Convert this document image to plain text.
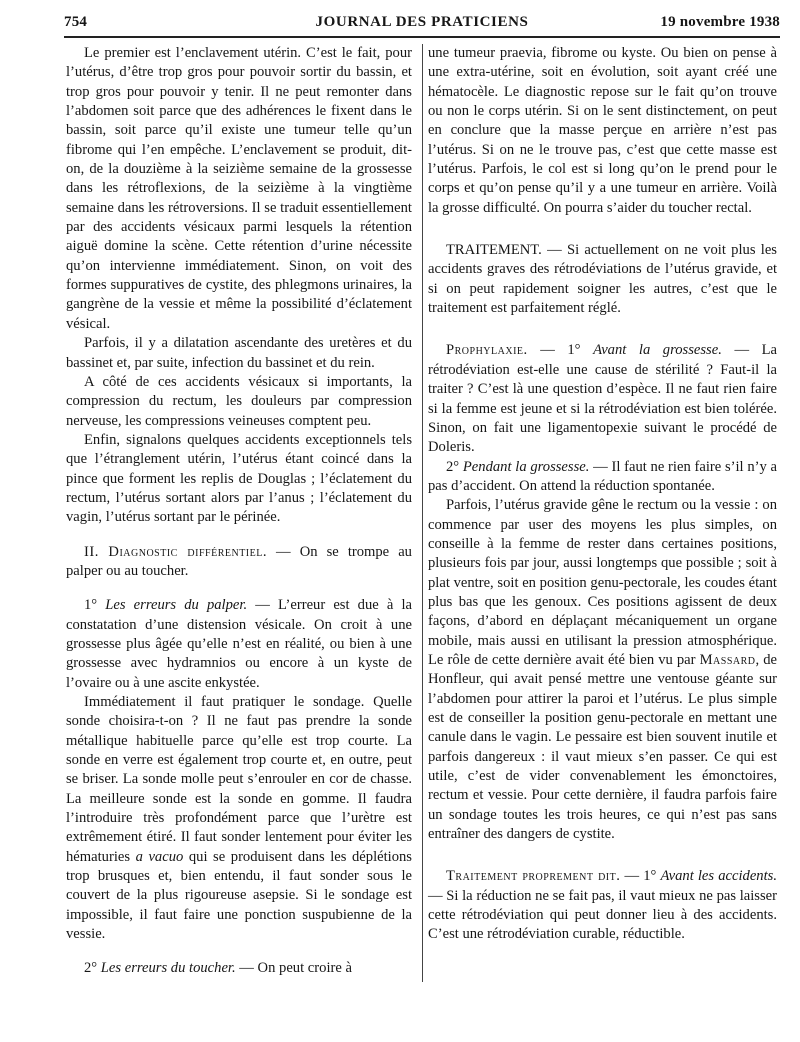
754	JOURNAL DES PRATICIENS	19 novembre 1938

Le premier est l’enclavement utérin. C’est le fait, pour l’utérus, d’être trop gros pour pouvoir sortir du bassin, et trop gros pour pouvoir y tenir. Il ne peut remonter dans l’abdomen soit parce que des adhérences le fixent dans le bassin, soit parce qu’il existe une tumeur telle qu’un fibrome qui l’en empêche. L’enclavement se produit, dit-on, de la douzième à la seizième semaine de la grossesse dans les rétroflexions, de la seizième à la vingtième semaine dans les rétroversions. Il se traduit essentiellement par des accidents vésicaux parmi lesquels la rétention aiguë domine la scène. Cette rétention d’urine nécessite qu’on intervienne immédiatement. Sinon, on voit des formes suppuratives de cystite, des phlegmons urinaires, la gangrène de la vessie et même la possibilité d’éclatement vésical.

Parfois, il y a dilatation ascendante des uretères et du bassinet et, par suite, infection du bassinet et du rein.

A côté de ces accidents vésicaux si importants, la compression du rectum, les douleurs par compression nerveuse, les compressions veineuses comptent peu.

Enfin, signalons quelques accidents exceptionnels tels que l’étranglement utérin, l’utérus étant coincé dans la pince que forment les replis de Douglas ; l’éclatement du rectum, l’utérus sortant alors par l’anus ; l’éclatement du vagin, l’utérus sortant par le périnée.

II. Diagnostic différentiel. — On se trompe au palper ou au toucher.

1° Les erreurs du palper. — L’erreur est due à la constatation d’une distension vésicale. On croit à une grossesse plus âgée qu’elle n’est en réalité, ou bien à une grossesse avec hydramnios ou encore à un kyste de l’ovaire ou à une ascite enkystée.

Immédiatement il faut pratiquer le sondage. Quelle sonde choisira-t-on ? Il ne faut pas prendre la sonde métallique habituelle parce qu’elle est trop courte. La sonde en verre est également trop courte et, en outre, peut se briser. La sonde molle peut s’enrouler en cor de chasse. La meilleure sonde est la sonde en gomme. Il faudra l’introduire très profondément parce que l’urètre est extrêmement étiré. Il faut sonder lentement pour éviter les hématuries a vacuo qui se produisent dans les déplétions trop brusques et, bien entendu, il faut sonder sous le couvert de la plus rigoureuse asepsie. Si le sondage est impossible, il faut faire une ponction suspubienne de la vessie.

2° Les erreurs du toucher. — On peut croire à

une tumeur praevia, fibrome ou kyste. Ou bien on pense à une extra-utérine, soit en évolution, soit ayant créé une hématocèle. Le diagnostic repose sur le fait qu’on trouve ou non le corps utérin. Si on le sent distinctement, on peut en conclure que la masse perçue en arrière n’est pas l’utérus. Si on ne le trouve pas, c’est que cette masse est l’utérus. Parfois, le col est si long qu’on le prend pour le corps et qu’on pense qu’il y a une tumeur en arrière. Voilà la grosse difficulté. On pourra s’aider du toucher rectal.

TRAITEMENT. — Si actuellement on ne voit plus les accidents graves des rétrodéviations de l’utérus gravide, et si on peut rapidement soigner les autres, c’est que le traitement est parfaitement réglé.

Prophylaxie. — 1° Avant la grossesse. — La rétrodéviation est-elle une cause de stérilité ? Faut-il la traiter ? C’est là une question d’espèce. Il ne faut rien faire si la femme est jeune et si la rétrodéviation est bien tolérée. Sinon, on fait une ligamentopexie suivant le procédé de Doleris.

2° Pendant la grossesse. — Il faut ne rien faire s’il n’y a pas d’accident. On attend la réduction spontanée.

Parfois, l’utérus gravide gêne le rectum ou la vessie : on commence par user des moyens les plus simples, on conseille à la femme de rester dans certaines positions, plusieurs fois par jour, aussi longtemps que possible ; soit à plat ventre, soit en position genu-pectorale, les coudes étant plus bas que les genoux. Ces positions agissent de deux façons, d’abord en déplaçant mécaniquement un organe mobile, mais aussi en utilisant la pression atmosphérique. Le rôle de cette dernière avait été bien vu par Massard, de Honfleur, qui avait pensé mettre une ventouse géante sur l’abdomen pour attirer la paroi et l’utérus. Le plus simple est de conseiller la position genu-pectorale en mettant une canule dans le vagin. Le pessaire est bien souvent inutile et parfois dangereux : il vaut mieux s’en passer. Ce qui est utile, c’est de vider convenablement les émonctoires, rectum et vessie. Pour cette dernière, il faudra parfois faire un sondage toutes les trois heures, ce qui n’est pas sans entraîner des dangers de cystite.

Traitement proprement dit. — 1° Avant les accidents. — Si la réduction ne se fait pas, il vaut mieux ne pas laisser cette rétrodéviation qui peut donner lieu à des accidents. C’est une rétrodéviation curable, réductible.
